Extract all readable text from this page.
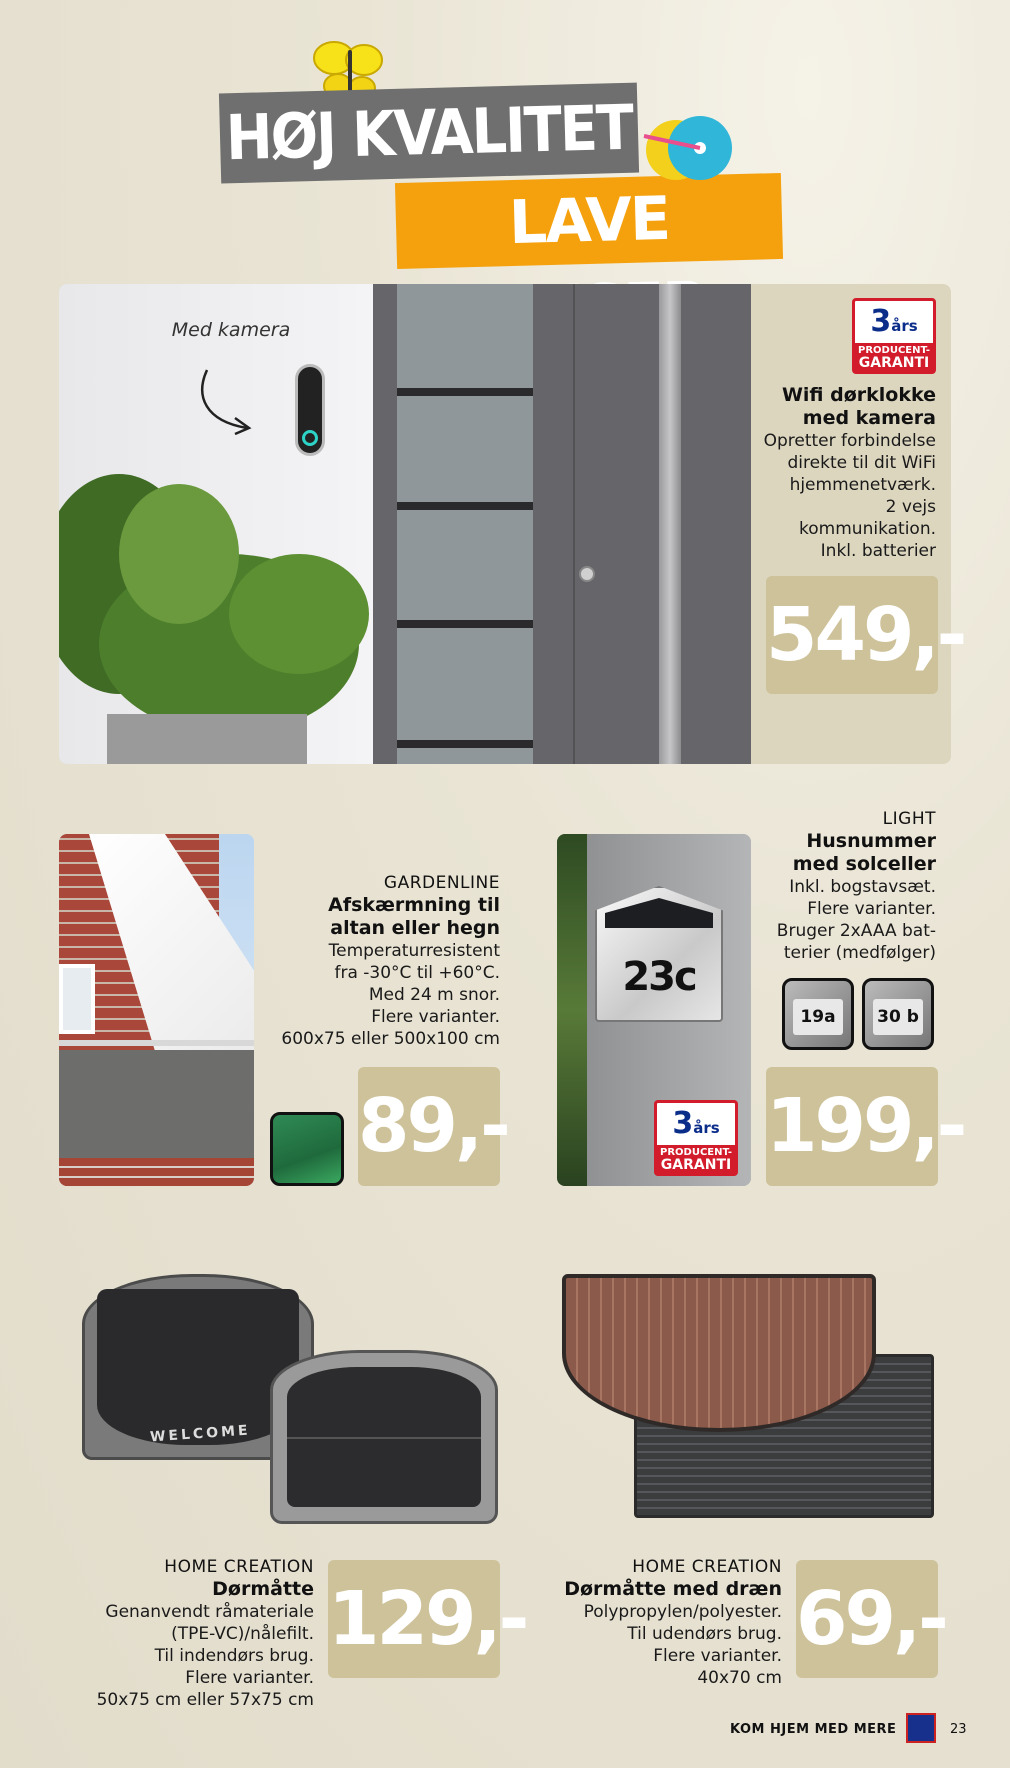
HØJ KVALITET
LAVE
Med kamera	3års
PRODUCENT-
GARANTI
Wifi dørklokke
med kamera
Opretter forbindelse
direkte til dit WiFi
hjemmenetværk.
2 vejs
kommunikation.
Inkl. batterier
549,-
GARDENLINE
Afskærmning til
altan eller hegn
Temperaturresistent
fra -30°C til +60°C.
Med 24 m snor.
Flere varianter.
600x75 eller 500x100 cm
89,-
23c
3års
PRODUCENT-
GARANTI
LIGHT
Husnummer
med solceller
Inkl. bogstavsæt.
Flere varianter.
Bruger 2xAAA bat-
terier (medfølger)
19a	30 b
199,-
WELCOME
HOME CREATION
Dørmåtte
Genanvendt råmateriale
(TPE-VC)/nålefilt.
Til indendørs brug.
Flere varianter.
50x75 cm eller 57x75 cm
129,-
HOME CREATION
Dørmåtte med dræn
Polypropylen/polyester.
Til udendørs brug.
Flere varianter.
40x70 cm
69,-
KOM HJEM MED MERE	23
